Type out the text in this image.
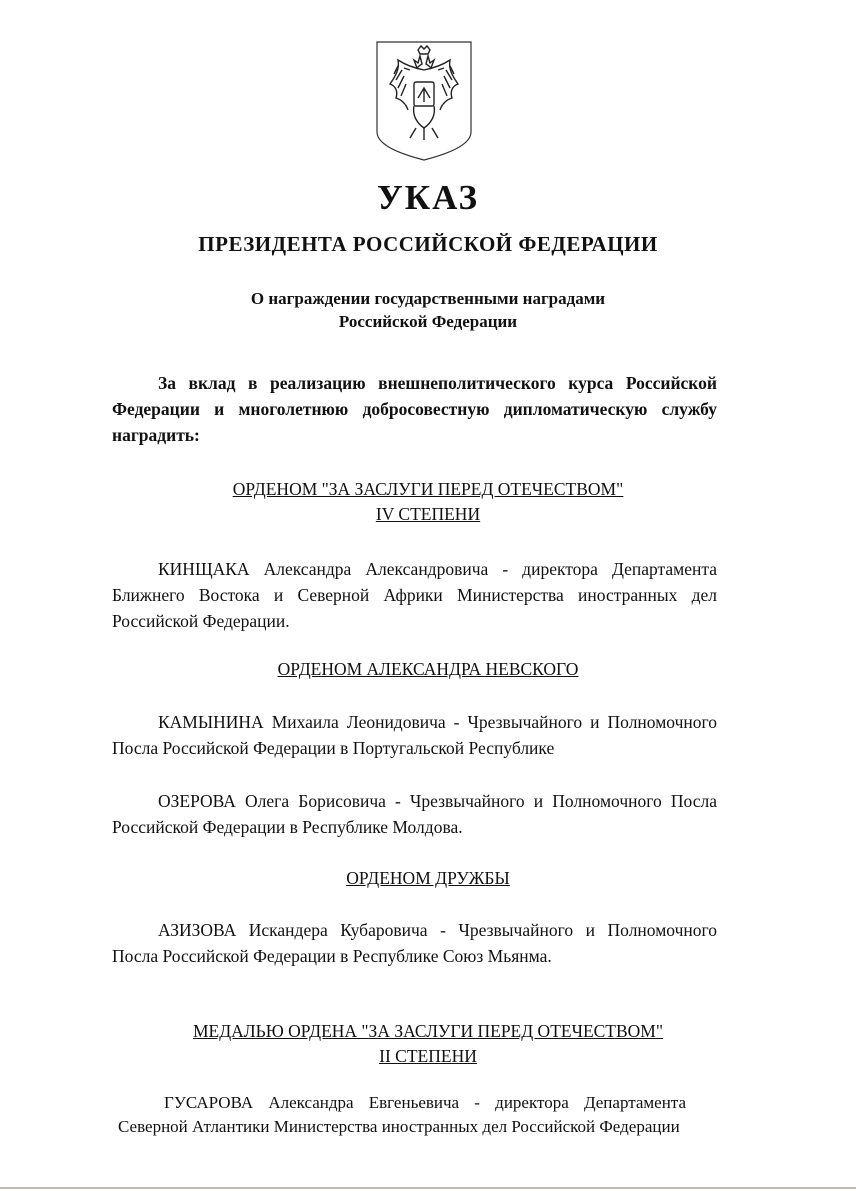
УКАЗ
ПРЕЗИДЕНТА РОССИЙСКОЙ ФЕДЕРАЦИИ
О награждении государственными наградами
Российской Федерации

За вклад в реализацию внешнеполитического курса Российской Федерации и многолетнюю добросовестную дипломатическую службу наградить:

ОРДЕНОМ "ЗА ЗАСЛУГИ ПЕРЕД ОТЕЧЕСТВОМ"
IV СТЕПЕНИ

КИНЩАКА Александра Александровича - директора Департамента Ближнего Востока и Северной Африки Министерства иностранных дел Российской Федерации.

ОРДЕНОМ АЛЕКСАНДРА НЕВСКОГО

КАМЫНИНА Михаила Леонидовича - Чрезвычайного и Полномочного Посла Российской Федерации в Португальской Республике

ОЗЕРОВА Олега Борисовича - Чрезвычайного и Полномочного Посла Российской Федерации в Республике Молдова.

ОРДЕНОМ ДРУЖБЫ

АЗИЗОВА Искандера Кубаровича - Чрезвычайного и Полномочного Посла Российской Федерации в Республике Союз Мьянма.

МЕДАЛЬЮ ОРДЕНА "ЗА ЗАСЛУГИ ПЕРЕД ОТЕЧЕСТВОМ"
II СТЕПЕНИ

ГУСАРОВА Александра Евгеньевича - директора Департамента Северной Атлантики Министерства иностранных дел Российской Федерации
